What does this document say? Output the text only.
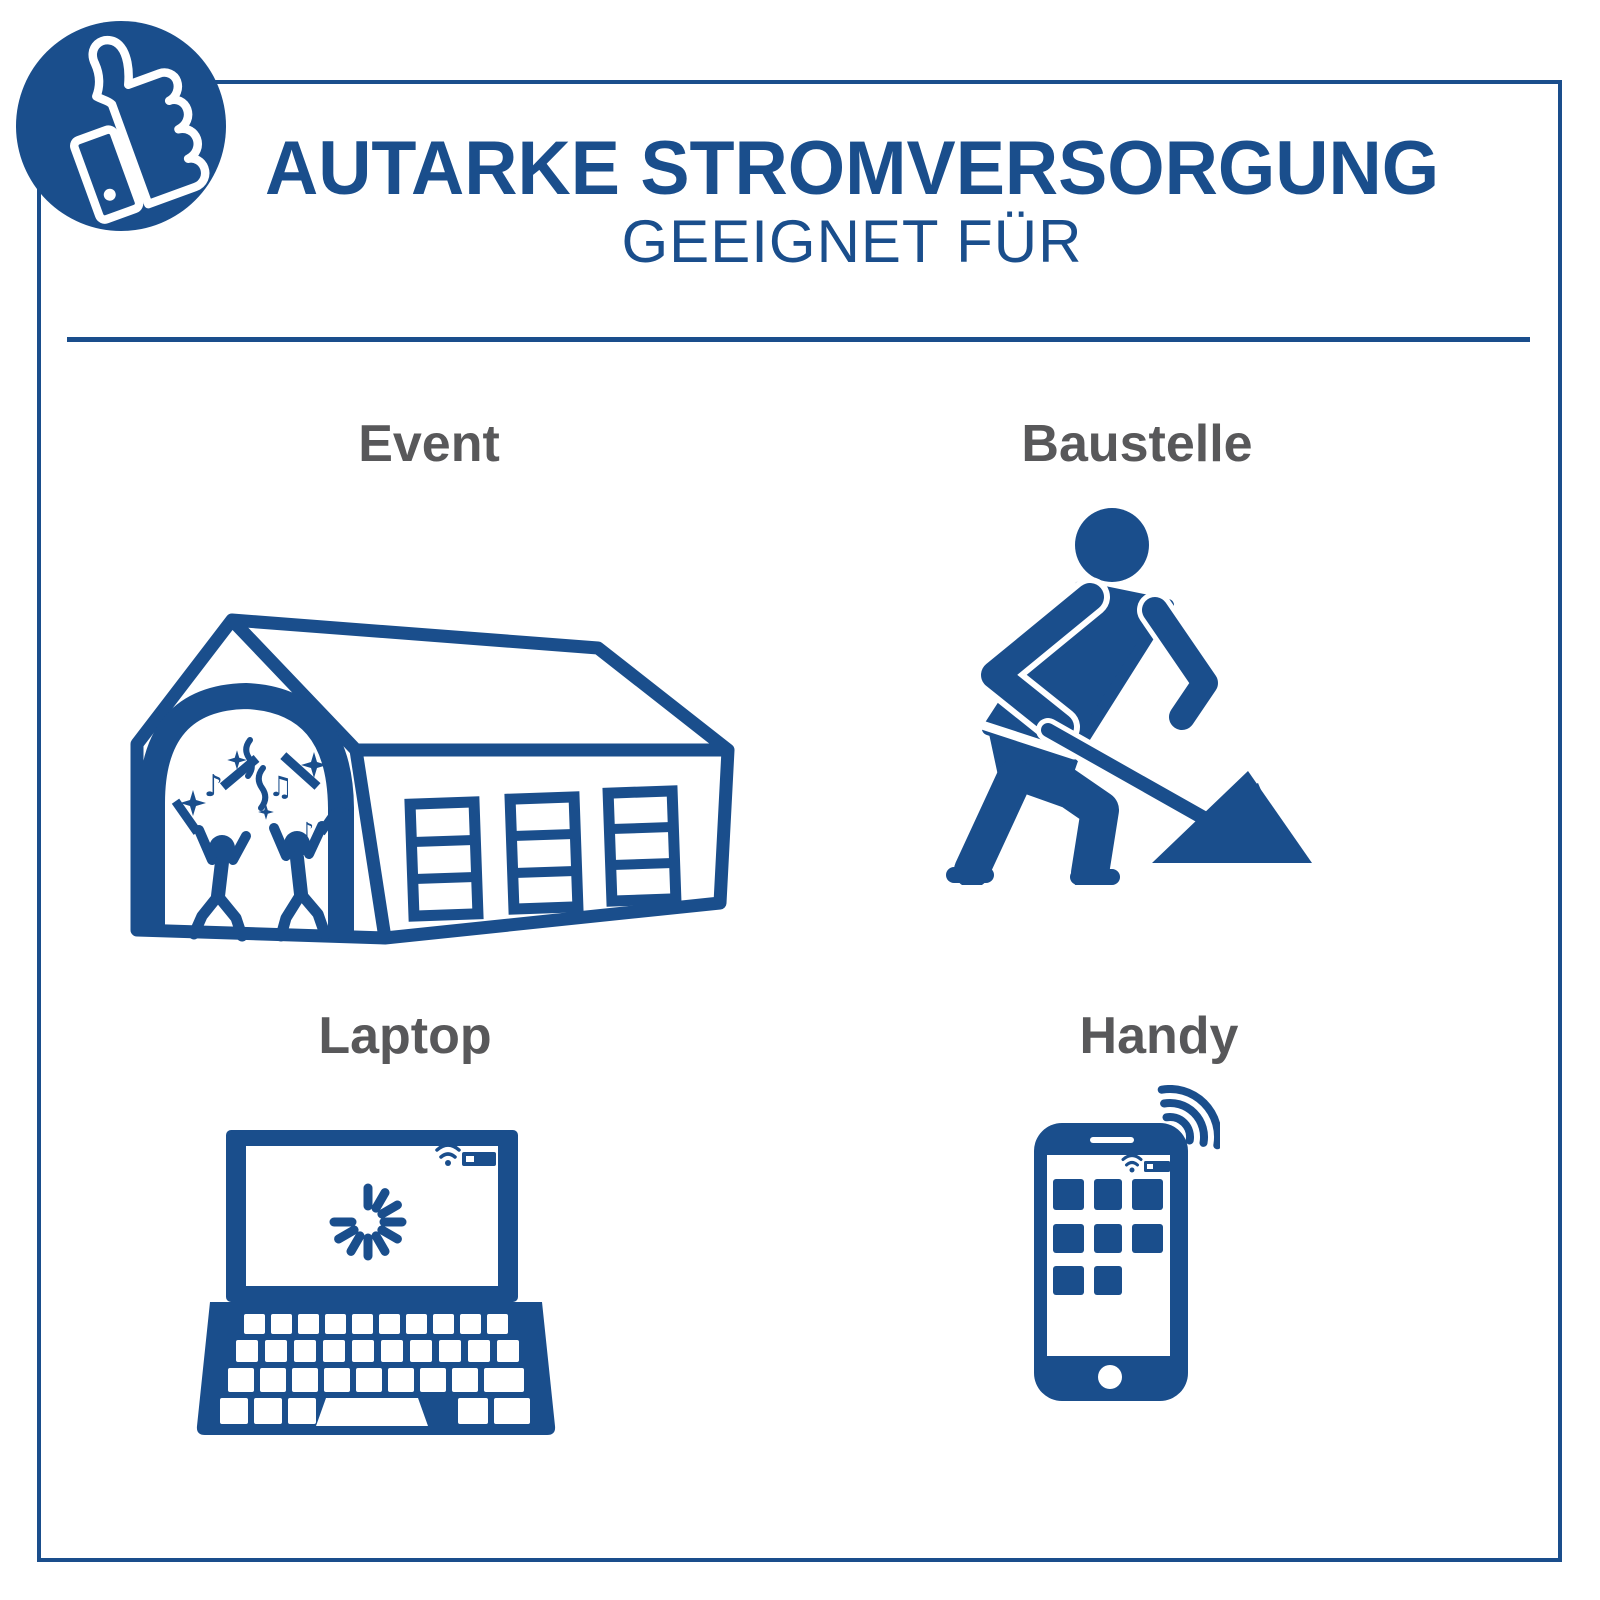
AUTARKE STROMVERSORGUNG
GEEIGNET FÜR
Event	Baustelle
Laptop	Handy
♪ ♫
♪
